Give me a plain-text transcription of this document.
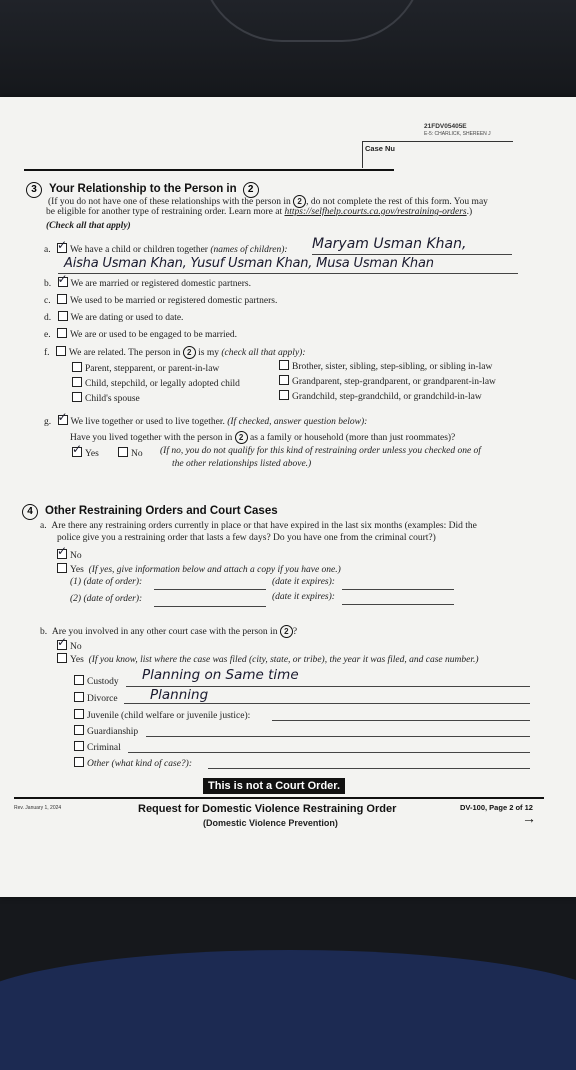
21FDV05405E
E-5: CHARLICK, SHEREEN J
Case Nu
3 Your Relationship to the Person in 2
(If you do not have one of these relationships with the person in 2 , do not complete the rest of this form. You may
be eligible for another type of restraining order. Learn more at https://selfhelp.courts.ca.gov/restraining-orders.)
(Check all that apply)
a. ✓ We have a child or children together (names of children): Maryam Usman Khan,
Aisha Usman Khan, Yusuf Usman Khan, Musa Usman Khan
b. ✓ We are married or registered domestic partners.
c. We used to be married or registered domestic partners.
d. We are dating or used to date.
e. We are or used to be engaged to be married.
f. We are related. The person in 2 is my (check all that apply):
Parent, stepparent, or parent-in-law	Brother, sister, sibling, step-sibling, or sibling in-law
Child, stepchild, or legally adopted child	Grandparent, step-grandparent, or grandparent-in-law
Child's spouse	Grandchild, step-grandchild, or grandchild-in-law
g. ✓ We live together or used to live together. (If checked, answer question below):
Have you lived together with the person in 2 as a family or household (more than just roommates)?
✓Yes	No (If no, you do not qualify for this kind of restraining order unless you checked one of
the other relationships listed above.)
4 Other Restraining Orders and Court Cases
a. Are there any restraining orders currently in place or that have expired in the last six months (examples: Did the
police give you a restraining order that lasts a few days? Do you have one from the criminal court?)
✓No
Yes (If yes, give information below and attach a copy if you have one.)
(1) (date of order):	(date it expires):
(2) (date of order):	(date it expires):
b. Are you involved in any other court case with the person in 2 ?
✓No
Yes (If you know, list where the case was filed (city, state, or tribe), the year it was filed, and case number.)
Custody Planning on Same time
Divorce Planning
Juvenile (child welfare or juvenile justice):
Guardianship
Criminal
Other (what kind of case?):
This is not a Court Order.
Rev. January 1, 2024	Request for Domestic Violence Restraining Order
(Domestic Violence Prevention)
DV-100, Page 2 of 12
→
